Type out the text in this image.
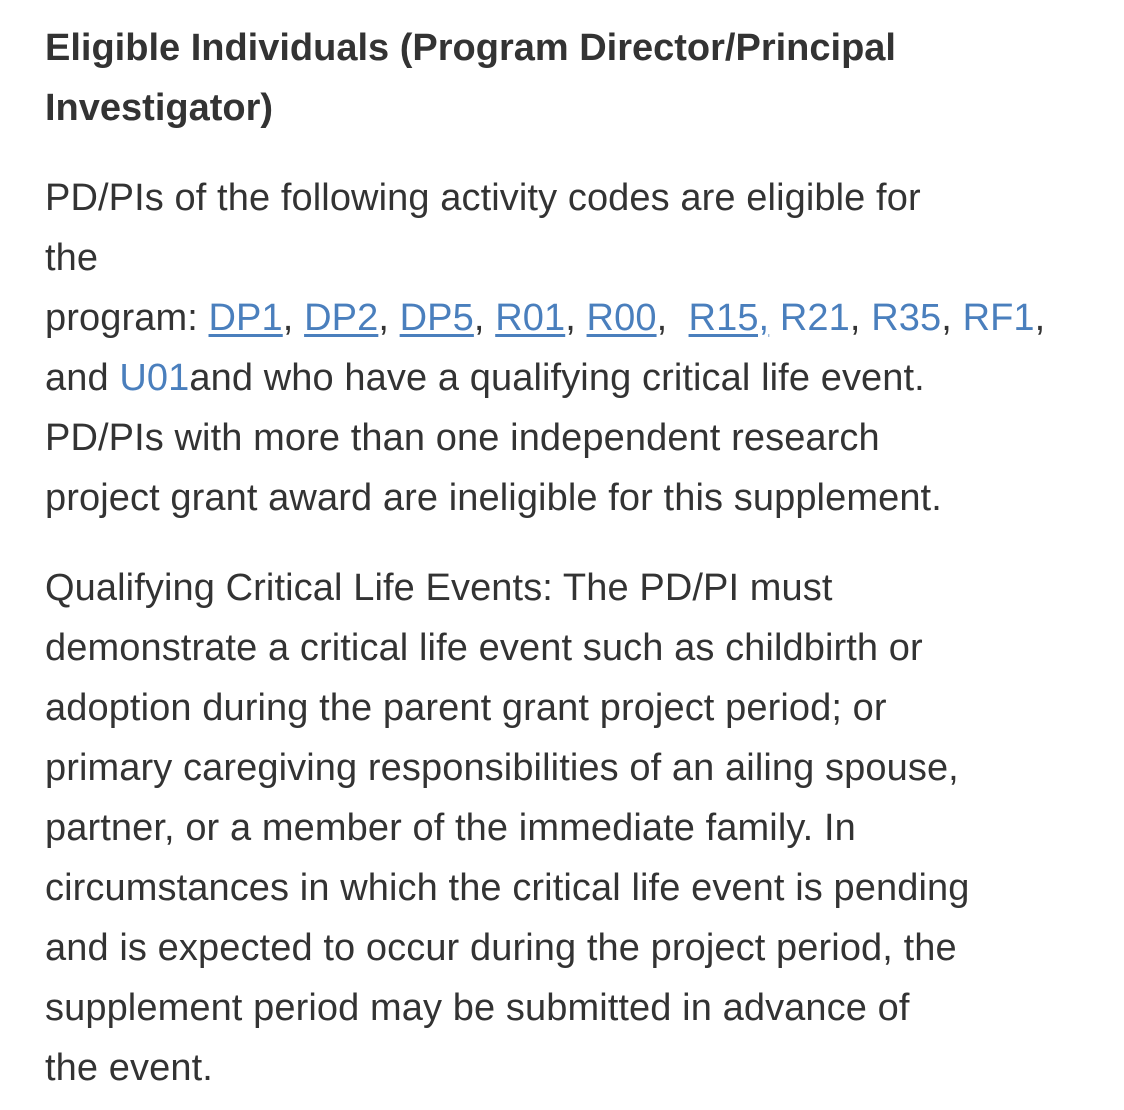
Eligible Individuals (Program Director/Principal
Investigator)

PD/PIs of the following activity codes are eligible for
the
program: DP1, DP2, DP5, R01, R00,  R15, R21, R35, RF1,
and U01and who have a qualifying critical life event.
PD/PIs with more than one independent research
project grant award are ineligible for this supplement.

Qualifying Critical Life Events: The PD/PI must
demonstrate a critical life event such as childbirth or
adoption during the parent grant project period; or
primary caregiving responsibilities of an ailing spouse,
partner, or a member of the immediate family. In
circumstances in which the critical life event is pending
and is expected to occur during the project period, the
supplement period may be submitted in advance of
the event.
